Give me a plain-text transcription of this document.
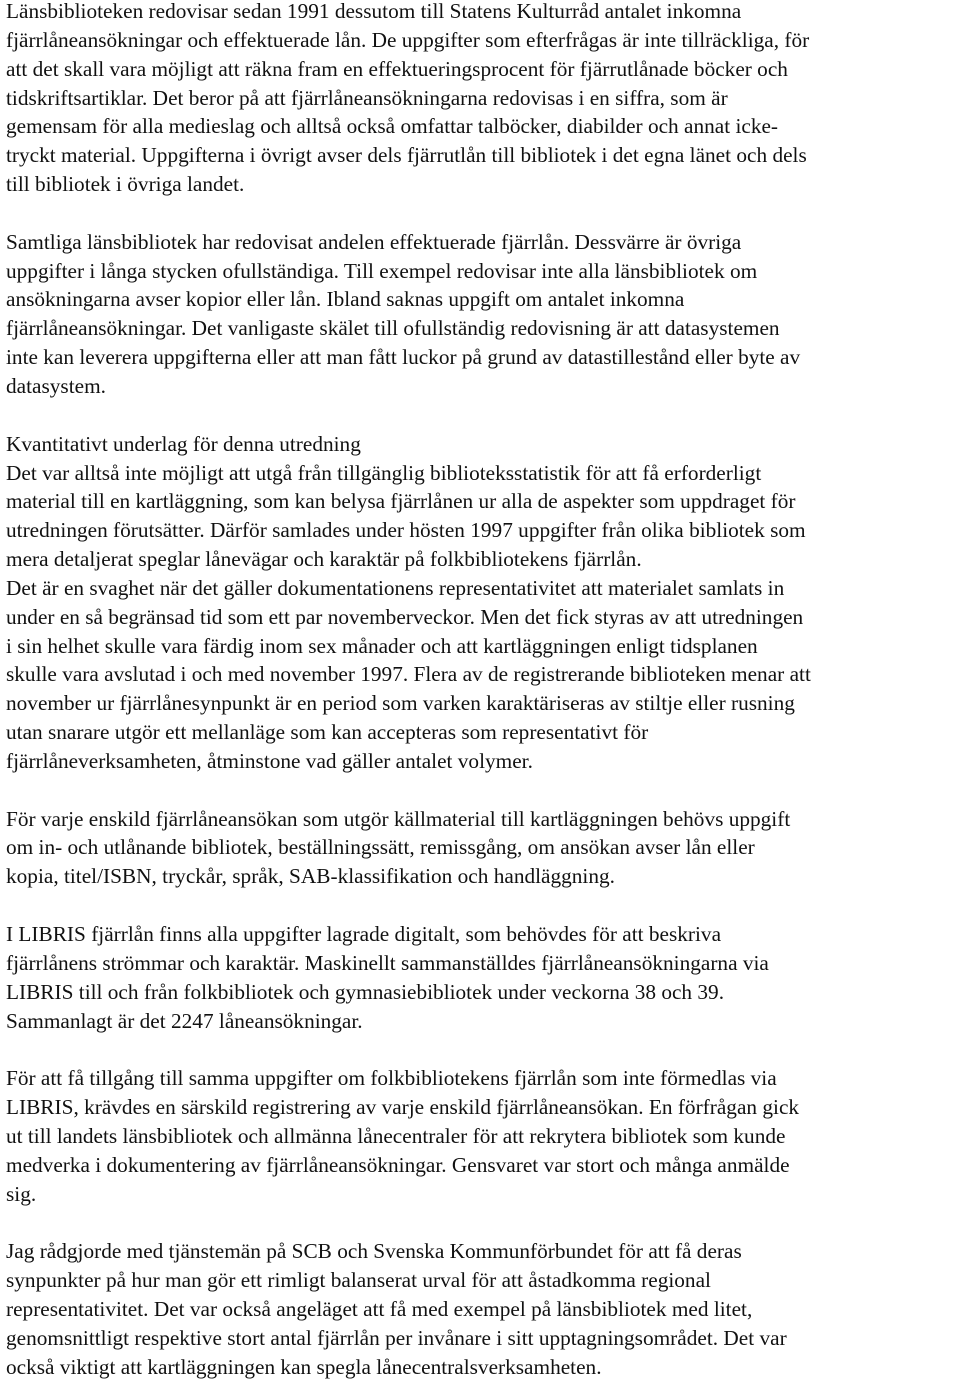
Länsbiblioteken redovisar sedan 1991 dessutom till Statens Kulturråd antalet inkomna
fjärrlåneansökningar och effektuerade lån. De uppgifter som efterfrågas är inte tillräckliga, för
att det skall vara möjligt att räkna fram en effektueringsprocent för fjärrutlånade böcker och
tidskriftsartiklar. Det beror på att fjärrlåneansökningarna redovisas i en siffra, som är
gemensam för alla medieslag och alltså också omfattar talböcker, diabilder och annat icke-
tryckt material. Uppgifterna i övrigt avser dels fjärrutlån till bibliotek i det egna länet och dels
till bibliotek i övriga landet.

Samtliga länsbibliotek har redovisat andelen effektuerade fjärrlån. Dessvärre är övriga
uppgifter i långa stycken ofullständiga. Till exempel redovisar inte alla länsbibliotek om
ansökningarna avser kopior eller lån. Ibland saknas uppgift om antalet inkomna
fjärrlåneansökningar. Det vanligaste skälet till ofullständig redovisning är att datasystemen
inte kan leverera uppgifterna eller att man fått luckor på grund av datastillestånd eller byte av
datasystem.

Kvantitativt underlag för denna utredning

Det var alltså inte möjligt att utgå från tillgänglig biblioteksstatistik för att få erforderligt
material till en kartläggning, som kan belysa fjärrlånen ur alla de aspekter som uppdraget för
utredningen förutsätter. Därför samlades under hösten 1997 uppgifter från olika bibliotek som
mera detaljerat speglar lånevägar och karaktär på folkbibliotekens fjärrlån.

Det är en svaghet när det gäller dokumentationens representativitet att materialet samlats in
under en så begränsad tid som ett par novemberveckor. Men det fick styras av att utredningen
i sin helhet skulle vara färdig inom sex månader och att kartläggningen enligt tidsplanen
skulle vara avslutad i och med november 1997. Flera av de registrerande biblioteken menar att
november ur fjärrlånesynpunkt är en period som varken karaktäriseras av stiltje eller rusning
utan snarare utgör ett mellanläge som kan accepteras som representativt för
fjärrlåneverksamheten, åtminstone vad gäller antalet volymer.

För varje enskild fjärrlåneansökan som utgör källmaterial till kartläggningen behövs uppgift
om in- och utlånande bibliotek, beställningssätt, remissgång, om ansökan avser lån eller
kopia, titel/ISBN, tryckår, språk, SAB-klassifikation och handläggning.

I LIBRIS fjärrlån finns alla uppgifter lagrade digitalt, som behövdes för att beskriva
fjärrlånens strömmar och karaktär. Maskinellt sammanställdes fjärrlåneansökningarna via
LIBRIS till och från folkbibliotek och gymnasiebibliotek under veckorna 38 och 39.
Sammanlagt är det 2247 låneansökningar.

För att få tillgång till samma uppgifter om folkbibliotekens fjärrlån som inte förmedlas via
LIBRIS, krävdes en särskild registrering av varje enskild fjärrlåneansökan. En förfrågan gick
ut till landets länsbibliotek och allmänna lånecentraler för att rekrytera bibliotek som kunde
medverka i dokumentering av fjärrlåneansökningar. Gensvaret var stort och många anmälde
sig.

Jag rådgjorde med tjänstemän på SCB och Svenska Kommunförbundet för att få deras
synpunkter på hur man gör ett rimligt balanserat urval för att åstadkomma regional
representativitet. Det var också angeläget att få med exempel på länsbibliotek med litet,
genomsnittligt respektive stort antal fjärrlån per invånare i sitt upptagningsområdet. Det var
också viktigt att kartläggningen kan spegla lånecentralsverksamheten.
